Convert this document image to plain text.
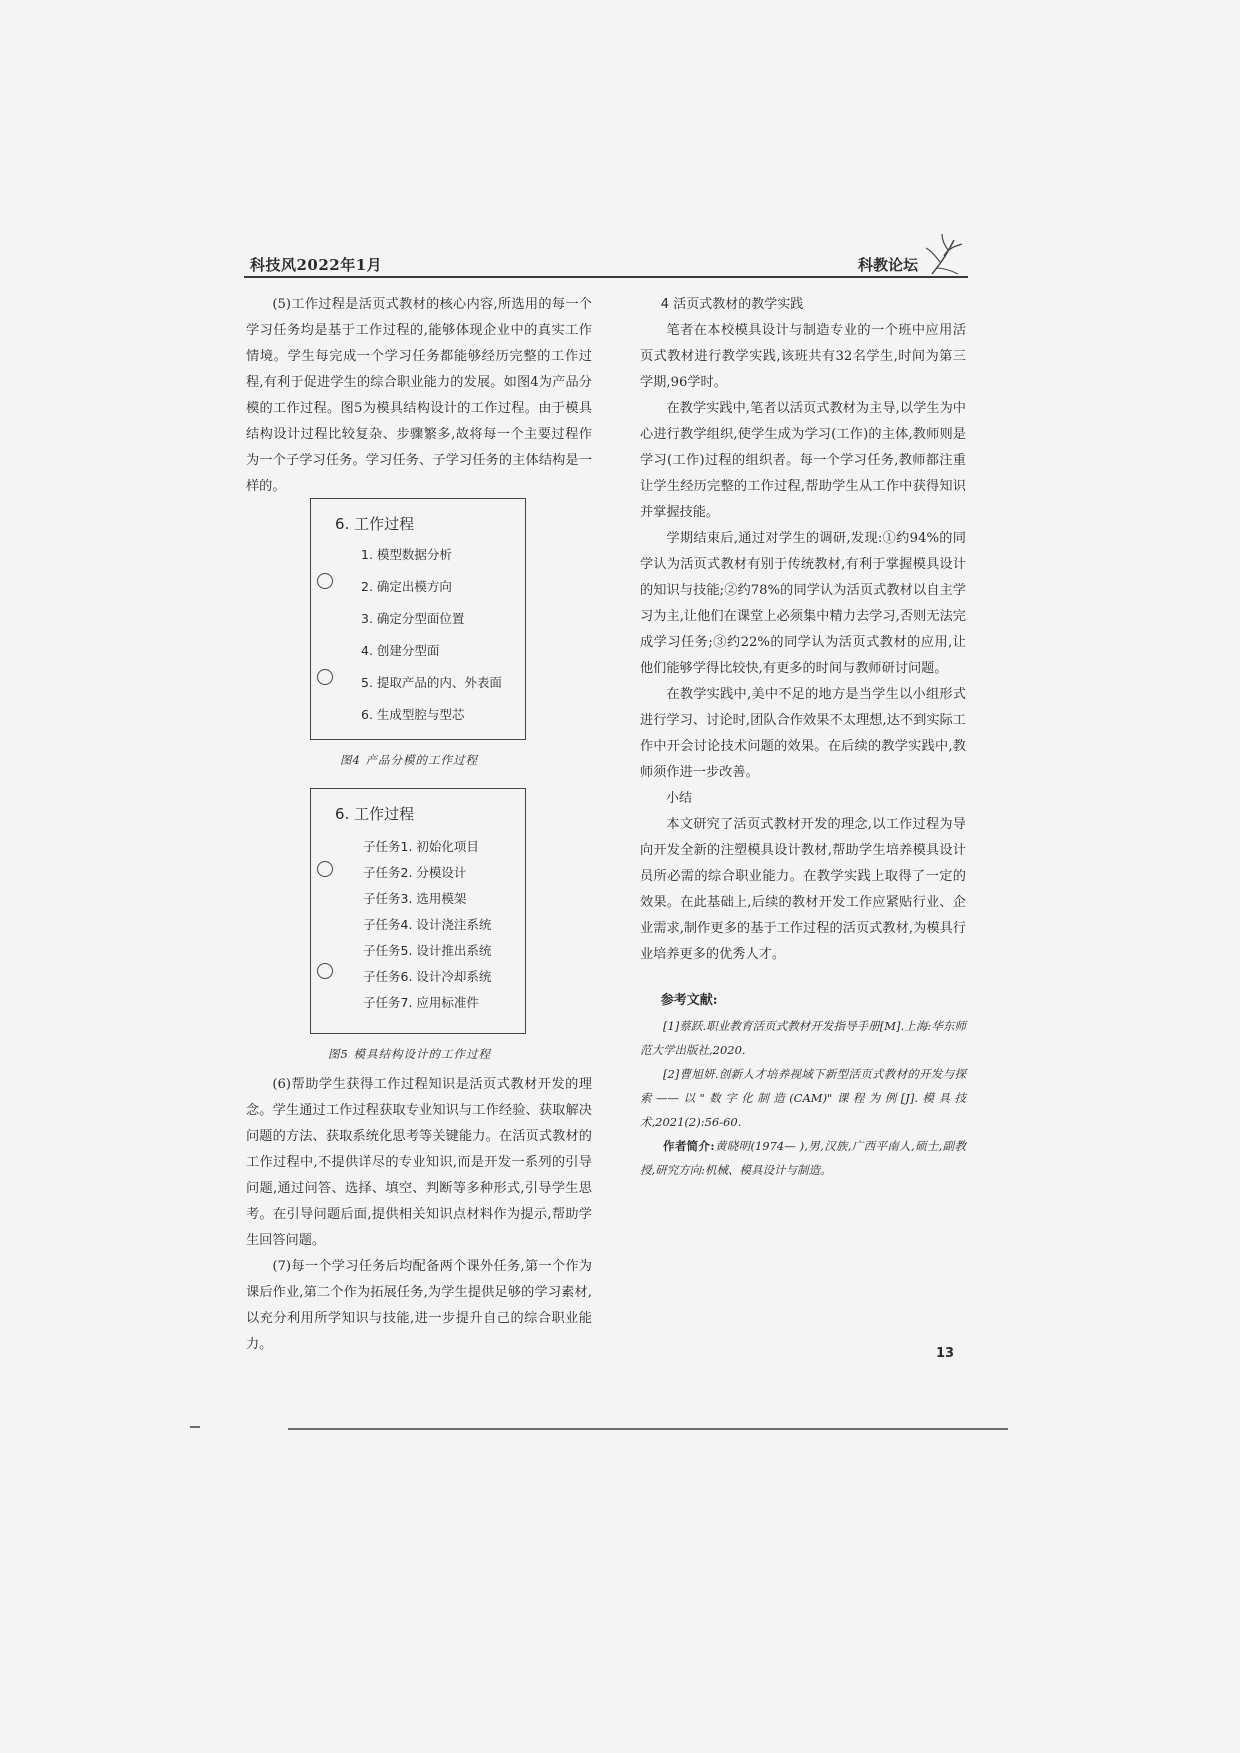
科技风2022年1月	科教论坛

(5)工作过程是活页式教材的核心内容,所选用的每一个学习任务均是基于工作过程的,能够体现企业中的真实工作情境。学生每完成一个学习任务都能够经历完整的工作过程,有利于促进学生的综合职业能力的发展。如图4为产品分模的工作过程。图5为模具结构设计的工作过程。由于模具结构设计过程比较复杂、步骤繁多,故将每一个主要过程作为一个子学习任务。学习任务、子学习任务的主体结构是一样的。

6. 工作过程
1. 模型数据分析
2. 确定出模方向
3. 确定分型面位置
4. 创建分型面
5. 提取产品的内、外表面
6. 生成型腔与型芯
图4 产品分模的工作过程
6. 工作过程
子任务1. 初始化项目
子任务2. 分模设计
子任务3. 选用模架
子任务4. 设计浇注系统
子任务5. 设计推出系统
子任务6. 设计冷却系统
子任务7. 应用标准件
图5 模具结构设计的工作过程

(6)帮助学生获得工作过程知识是活页式教材开发的理念。学生通过工作过程获取专业知识与工作经验、获取解决问题的方法、获取系统化思考等关键能力。在活页式教材的工作过程中,不提供详尽的专业知识,而是开发一系列的引导问题,通过问答、选择、填空、判断等多种形式,引导学生思考。在引导问题后面,提供相关知识点材料作为提示,帮助学生回答问题。

(7)每一个学习任务后均配备两个课外任务,第一个作为课后作业,第二个作为拓展任务,为学生提供足够的学习素材,以充分利用所学知识与技能,进一步提升自己的综合职业能力。

4 活页式教材的教学实践

笔者在本校模具设计与制造专业的一个班中应用活页式教材进行教学实践,该班共有32名学生,时间为第三学期,96学时。

在教学实践中,笔者以活页式教材为主导,以学生为中心进行教学组织,使学生成为学习(工作)的主体,教师则是学习(工作)过程的组织者。每一个学习任务,教师都注重让学生经历完整的工作过程,帮助学生从工作中获得知识并掌握技能。

学期结束后,通过对学生的调研,发现:①约94%的同学认为活页式教材有别于传统教材,有利于掌握模具设计的知识与技能;②约78%的同学认为活页式教材以自主学习为主,让他们在课堂上必须集中精力去学习,否则无法完成学习任务;③约22%的同学认为活页式教材的应用,让他们能够学得比较快,有更多的时间与教师研讨问题。

在教学实践中,美中不足的地方是当学生以小组形式进行学习、讨论时,团队合作效果不太理想,达不到实际工作中开会讨论技术问题的效果。在后续的教学实践中,教师须作进一步改善。

小结

本文研究了活页式教材开发的理念,以工作过程为导向开发全新的注塑模具设计教材,帮助学生培养模具设计员所必需的综合职业能力。在教学实践上取得了一定的效果。在此基础上,后续的教材开发工作应紧贴行业、企业需求,制作更多的基于工作过程的活页式教材,为模具行业培养更多的优秀人才。

参考文献:

[1]蔡跃.职业教育活页式教材开发指导手册[M].上海:华东师范大学出版社,2020.

[2]曹旭妍.创新人才培养视域下新型活页式教材的开发与探索——以"数字化制造(CAM)"课程为例[J].模具技术,2021(2):56-60.

作者简介:黄晓明(1974— ),男,汉族,广西平南人,硕士,副教授,研究方向:机械、模具设计与制造。

13
